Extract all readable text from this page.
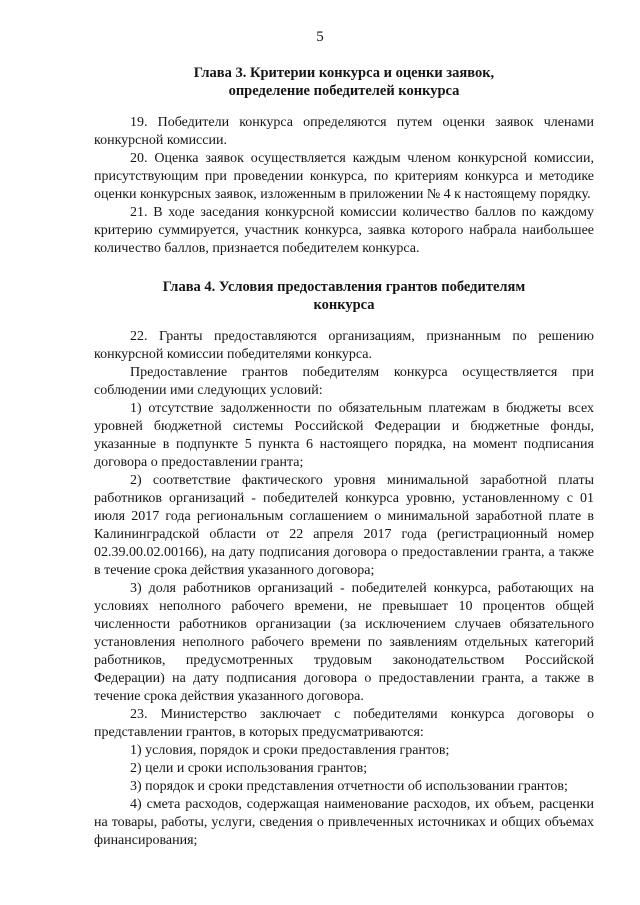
5
Глава 3. Критерии конкурса и оценки заявок,
определение победителей конкурса

19. Победители конкурса определяются путем оценки заявок членами конкурсной комиссии.

20. Оценка заявок осуществляется каждым членом конкурсной комиссии, присутствующим при проведении конкурса, по критериям конкурса и методике оценки конкурсных заявок, изложенным в приложении № 4 к настоящему порядку.

21. В ходе заседания конкурсной комиссии количество баллов по каждому критерию суммируется, участник конкурса, заявка которого набрала наибольшее количество баллов, признается победителем конкурса.

Глава 4. Условия предоставления грантов победителям
конкурса

22. Гранты предоставляются организациям, признанным по решению конкурсной комиссии победителями конкурса.

Предоставление грантов победителям конкурса осуществляется при соблюдении ими следующих условий:

1) отсутствие задолженности по обязательным платежам в бюджеты всех уровней бюджетной системы Российской Федерации и бюджетные фонды, указанные в подпункте 5 пункта 6 настоящего порядка, на момент подписания договора о предоставлении гранта;

2) соответствие фактического уровня минимальной заработной платы работников организаций - победителей конкурса уровню, установленному с 01 июля 2017 года региональным соглашением о минимальной заработной плате в Калининградской области от 22 апреля 2017 года (регистрационный номер 02.39.00.02.00166), на дату подписания договора о предоставлении гранта, а также в течение срока действия указанного договора;

3) доля работников организаций - победителей конкурса, работающих на условиях неполного рабочего времени, не превышает 10 процентов общей численности работников организации (за исключением случаев обязательного установления неполного рабочего времени по заявлениям отдельных категорий работников, предусмотренных трудовым законодательством Российской Федерации) на дату подписания договора о предоставлении гранта, а также в течение срока действия указанного договора.

23. Министерство заключает с победителями конкурса договоры о представлении грантов, в которых предусматриваются:

1) условия, порядок и сроки предоставления грантов;

2) цели и сроки использования грантов;

3) порядок и сроки представления отчетности об использовании грантов;

4) смета расходов, содержащая наименование расходов, их объем, расценки на товары, работы, услуги, сведения о привлеченных источниках и общих объемах финансирования;
